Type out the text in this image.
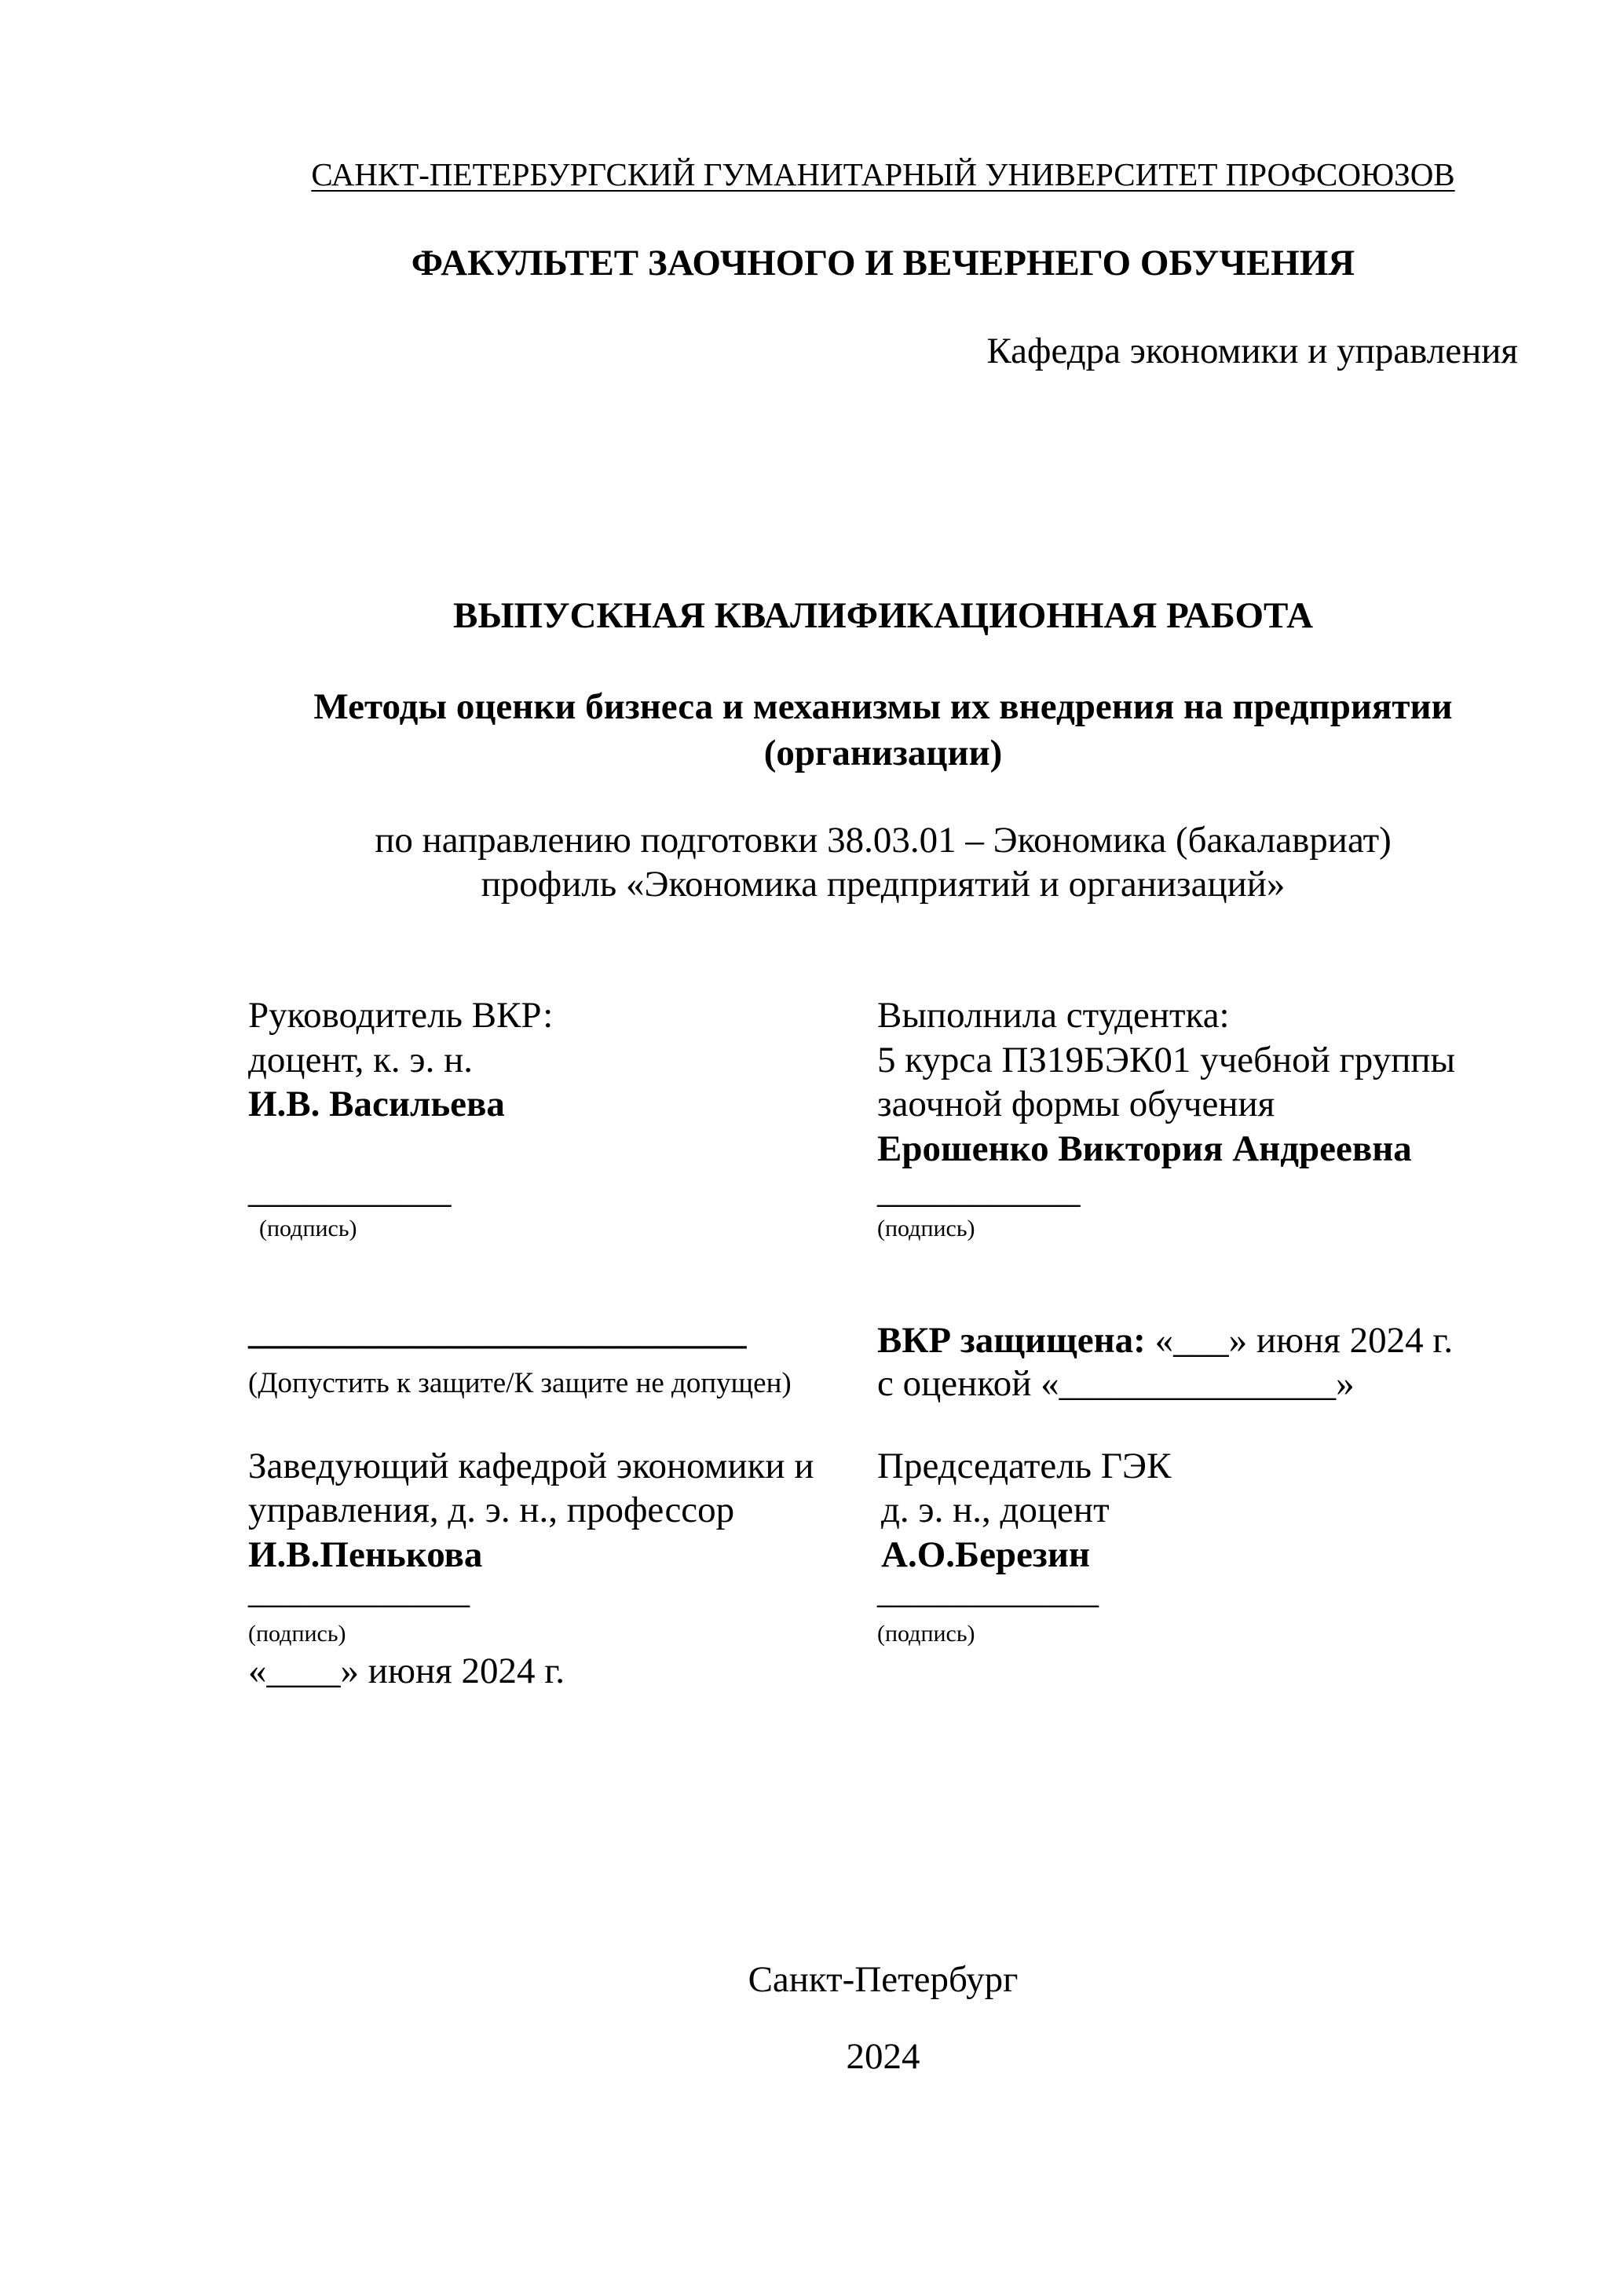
САНКТ-ПЕТЕРБУРГСКИЙ ГУМАНИТАРНЫЙ УНИВЕРСИТЕТ ПРОФСОЮЗОВ
ФАКУЛЬТЕТ ЗАОЧНОГО И ВЕЧЕРНЕГО ОБУЧЕНИЯ
Кафедра экономики и управления
ВЫПУСКНАЯ КВАЛИФИКАЦИОННАЯ РАБОТА
Методы оценки бизнеса и механизмы их внедрения на предприятии
(организации)
по направлению подготовки 38.03.01 – Экономика (бакалавриат)
профиль «Экономика предприятий и организаций»
Руководитель ВКР:
доцент, к. э. н.
И.В. Васильева
___________
(подпись)
Выполнила студентка:
5 курса ПЗ19БЭК01 учебной группы
заочной формы обучения
Ерошенко Виктория Андреевна
___________
(подпись)
___________________________
(Допустить к защите/К защите не допущен)
ВКР защищена: «___» июня 2024 г.
с оценкой «_______________»
Заведующий кафедрой экономики и
управления, д. э. н., профессор
И.В.Пенькова
____________
(подпись)
«____» июня 2024 г.
Председатель ГЭК
д. э. н., доцент
А.О.Березин
____________
(подпись)
Санкт-Петербург
2024
